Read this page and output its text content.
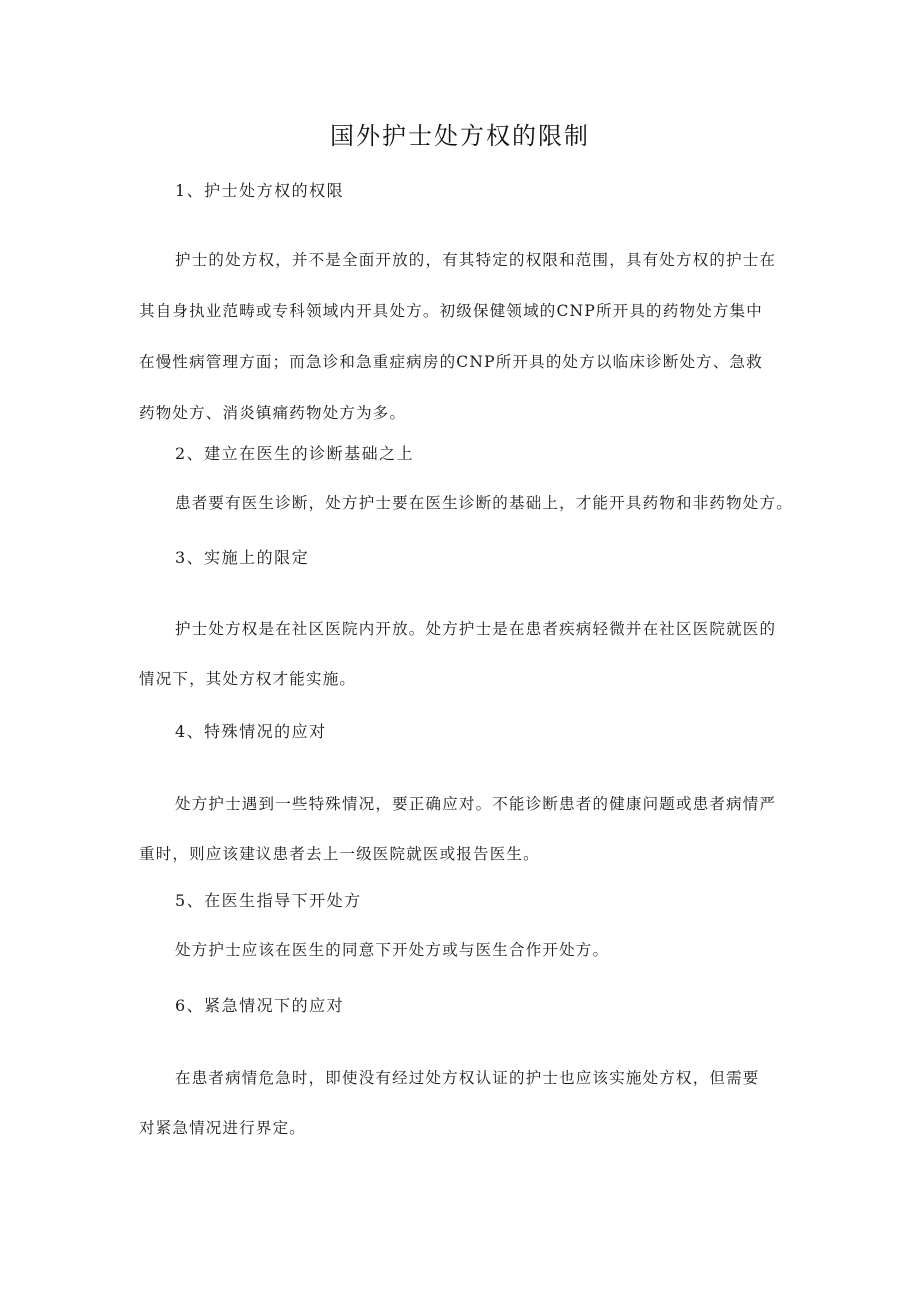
国外护士处方权的限制
1、护士处方权的权限
护士的处方权，并不是全面开放的，有其特定的权限和范围，具有处方权的护士在
其自身执业范畴或专科领域内开具处方。初级保健领域的CNP所开具的药物处方集中
在慢性病管理方面；而急诊和急重症病房的CNP所开具的处方以临床诊断处方、急救
药物处方、消炎镇痛药物处方为多。
2、建立在医生的诊断基础之上
患者要有医生诊断，处方护士要在医生诊断的基础上，才能开具药物和非药物处方。
3、实施上的限定
护士处方权是在社区医院内开放。处方护士是在患者疾病轻微并在社区医院就医的
情况下，其处方权才能实施。
4、特殊情况的应对
处方护士遇到一些特殊情况，要正确应对。不能诊断患者的健康问题或患者病情严
重时，则应该建议患者去上一级医院就医或报告医生。
5、在医生指导下开处方
处方护士应该在医生的同意下开处方或与医生合作开处方。
6、紧急情况下的应对
在患者病情危急时，即使没有经过处方权认证的护士也应该实施处方权，但需要
对紧急情况进行界定。
